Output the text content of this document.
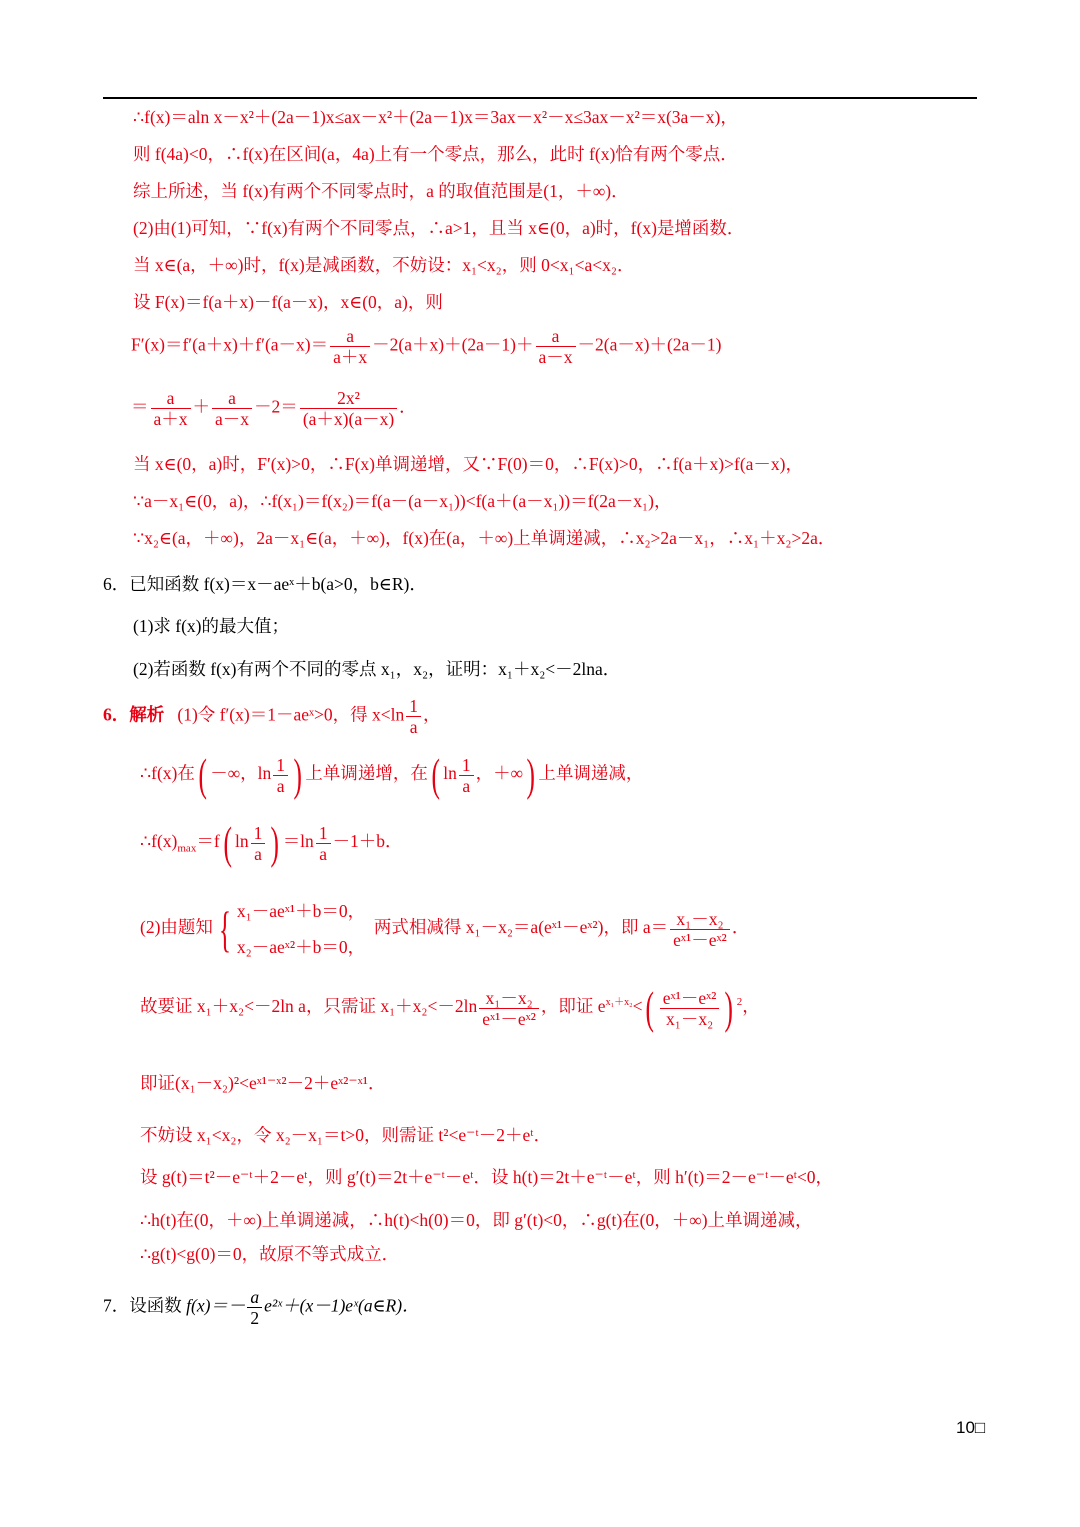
∴f(x)＝aln x－x²＋(2a－1)x≤ax－x²＋(2a－1)x＝3ax－x²－x≤3ax－x²＝x(3a－x)，
则 f(4a)<0，∴f(x)在区间(a，4a)上有一个零点，那么，此时 f(x)恰有两个零点．
综上所述，当 f(x)有两个不同零点时，a 的取值范围是(1，＋∞)．
(2)由(1)可知，∵f(x)有两个不同零点，∴a>1，且当 x∈(0，a)时，f(x)是增函数．
当 x∈(a，＋∞)时，f(x)是减函数，不妨设：x₁<x₂，则 0<x₁<a<x₂．
设 F(x)＝f(a＋x)－f(a－x)，x∈(0，a)，则
$F'(x)=f'(a+x)+f'(a-x)= \frac{a}{a+x} -2(a+x)+(2a-1)+ \frac{a}{a-x} -2(a-x)+(2a-1)$
＝ $\frac{a}{a+x} + \frac{a}{a-x} -2= \frac{\text{2x²}}{(a+x)(a-x)}$ ．
当 x∈(0，a)时，F′(x)>0，∴F(x)单调递增，又∵F(0)＝0，∴F(x)>0，∴f(a＋x)>f(a－x)，
∵a－x₁∈(0，a)，∴f(x₁)＝f(x₂)＝f(a－(a－x₁))<f(a＋(a－x₁))＝f(2a－x₁)，
∵x₂∈(a，＋∞)，2a－x₁∈(a，＋∞)，f(x)在(a，＋∞)上单调递减，∴x₂>2a－x₁，∴x₁＋x₂>2a．
6．已知函数 f(x)＝x－aeˣ＋b(a>0，b∈R)．
(1)求 f(x)的最大值；
(2)若函数 f(x)有两个不同的零点 x₁，x₂，证明：x₁＋x₂<－2lna．
6．解析 (1)令 f′(x)＝1－aeˣ>0，得 $x<\ln \frac{1}{a}$ ，
∴f(x)在( －∞，$\ln \frac{1}{a}$ ) 上单调递增，在( $\ln \frac{1}{a}$ ，＋∞) 上单调递减，
$\therefore f(x)_{max}=f$( $\ln \frac{1}{a}$ ) $=\ln \frac{1}{a} -1+b$．
(2)由题知 { x₁－aeˣ¹＋b＝0，
x₂－aeˣ²＋b＝0，
两式相减得 x₁－x₂＝a(eˣ¹－eˣ²)，即 $a= \frac{\text{x₁－x₂}}{\text{eˣ¹－eˣ²}}$ ．
故要证 x₁＋x₂<－2ln a，只需证 $x_1+x_2<-2\ln \frac{\text{x₁－x₂}}{\text{eˣ¹－eˣ²}}$ ，即证 $e^{x_1+x_2}<( \frac{\text{eˣ¹－eˣ²}}{\text{x₁－x₂}}$ ) $^2$，
即证(x₁－x₂)²<eˣ¹⁻ˣ²－2＋eˣ²⁻ˣ¹．
不妨设 x₁<x₂，令 x₂－x₁＝t>0，则需证 t²<e⁻ᵗ－2＋eᵗ．
设 g(t)＝t²－e⁻ᵗ＋2－eᵗ，则 g′(t)＝2t＋e⁻ᵗ－eᵗ．设 h(t)＝2t＋e⁻ᵗ－eᵗ，则 h′(t)＝2－e⁻ᵗ－eᵗ<0，
∴h(t)在(0，＋∞)上单调递减，∴h(t)<h(0)＝0，即 g′(t)<0，∴g(t)在(0，＋∞)上单调递减，
∴g(t)<g(0)＝0，故原不等式成立．
7．设函数 $f(x)=- \frac{a}{2}$ e²ˣ＋(x－1)eˣ(a∈R)．
10□
